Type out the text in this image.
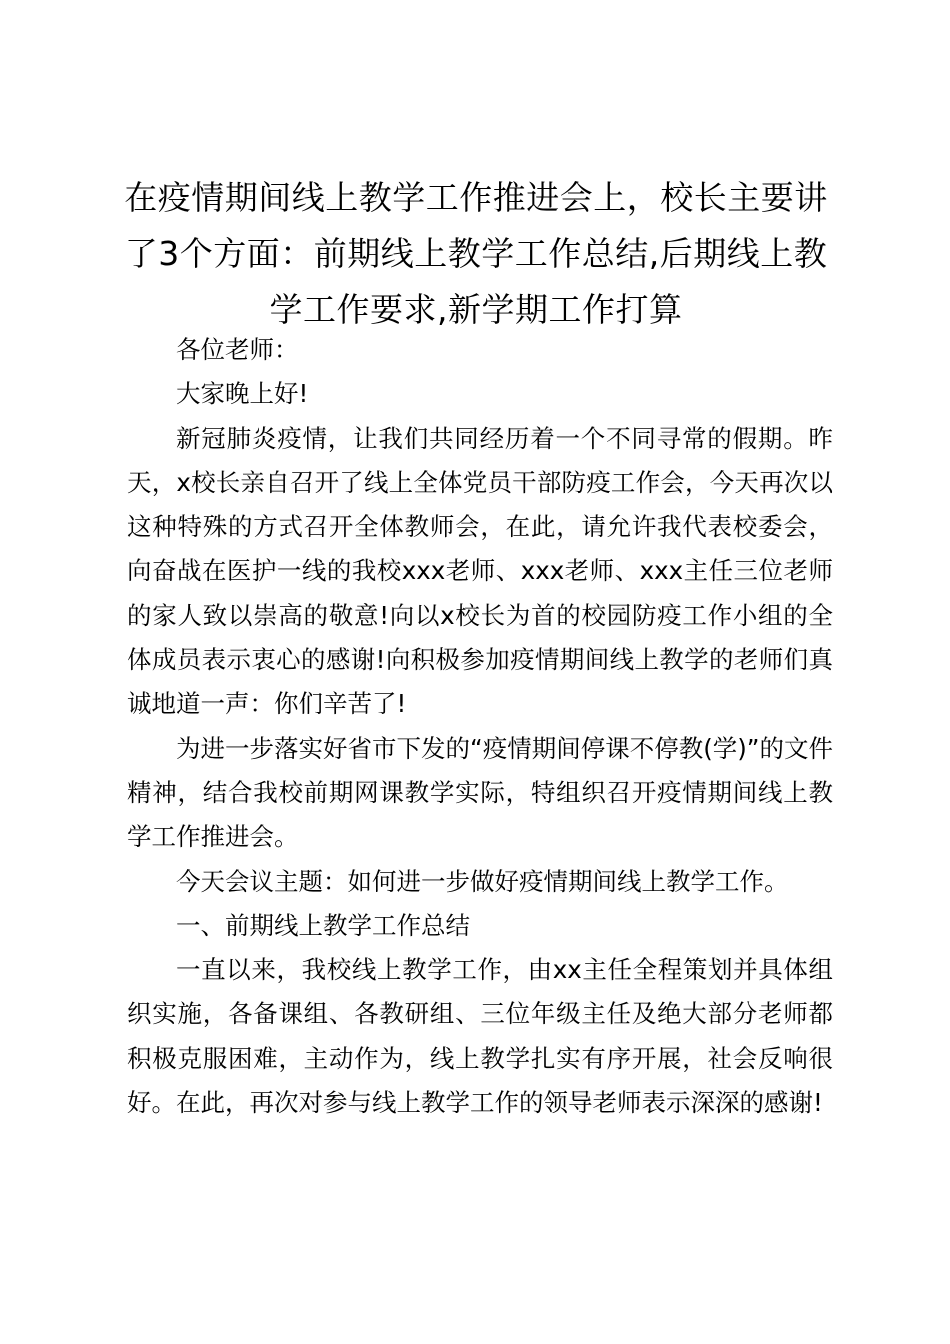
在疫情期间线上教学工作推进会上，校长主要讲了3个方面：前期线上教学工作总结,后期线上教学工作要求,新学期工作打算

各位老师：

大家晚上好!

新冠肺炎疫情，让我们共同经历着一个不同寻常的假期。昨天，x校长亲自召开了线上全体党员干部防疫工作会，今天再次以这种特殊的方式召开全体教师会，在此，请允许我代表校委会，向奋战在医护一线的我校xxx老师、xxx老师、xxx主任三位老师的家人致以崇高的敬意!向以x校长为首的校园防疫工作小组的全体成员表示衷心的感谢!向积极参加疫情期间线上教学的老师们真诚地道一声：你们辛苦了!

为进一步落实好省市下发的“疫情期间停课不停教(学)”的文件精神，结合我校前期网课教学实际，特组织召开疫情期间线上教学工作推进会。

今天会议主题：如何进一步做好疫情期间线上教学工作。

一、前期线上教学工作总结

一直以来，我校线上教学工作，由xx主任全程策划并具体组织实施，各备课组、各教研组、三位年级主任及绝大部分老师都积极克服困难，主动作为，线上教学扎实有序开展，社会反响很好。在此，再次对参与线上教学工作的领导老师表示深深的感谢!
